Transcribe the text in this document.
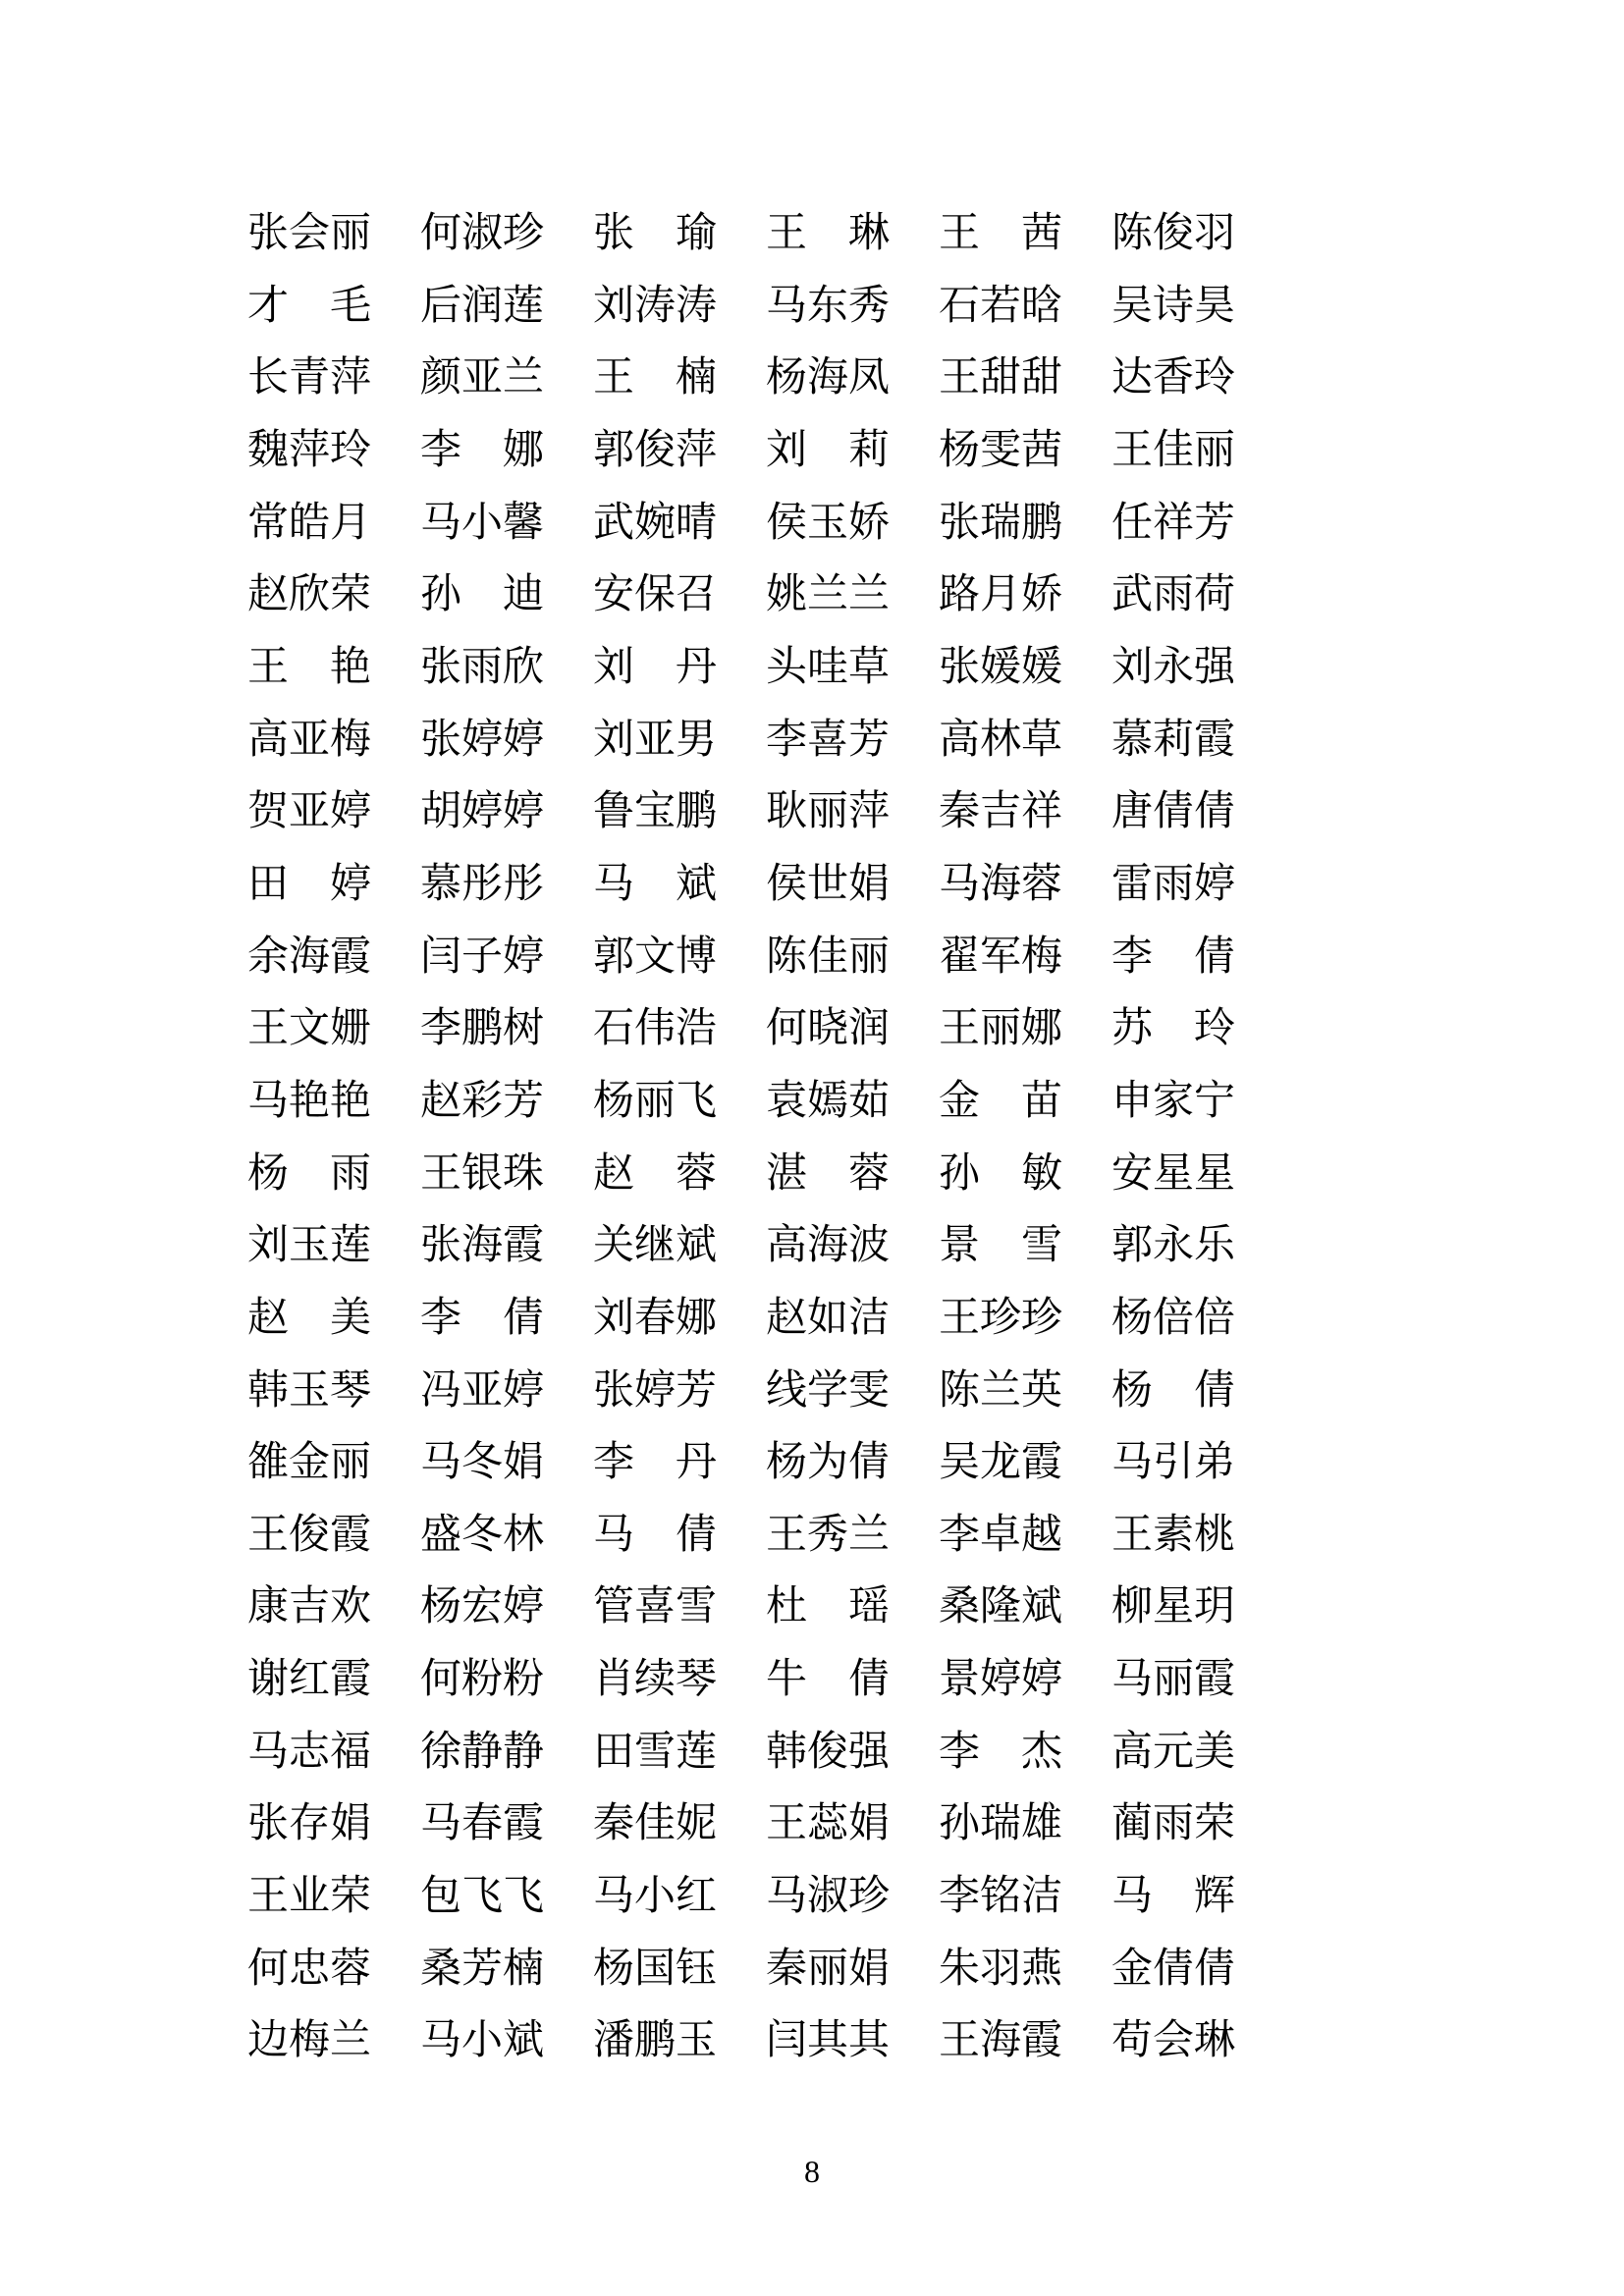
张会丽 何淑珍 张　瑜 王　琳 王　茜 陈俊羽
才　毛 后润莲 刘涛涛 马东秀 石若晗 吴诗昊
长青萍 颜亚兰 王　楠 杨海凤 王甜甜 达香玲
魏萍玲 李　娜 郭俊萍 刘　莉 杨雯茜 王佳丽
常皓月 马小馨 武婉晴 侯玉娇 张瑞鹏 任祥芳
赵欣荣 孙　迪 安保召 姚兰兰 路月娇 武雨荷
王　艳 张雨欣 刘　丹 头哇草 张媛媛 刘永强
高亚梅 张婷婷 刘亚男 李喜芳 高林草 慕莉霞
贺亚婷 胡婷婷 鲁宝鹏 耿丽萍 秦吉祥 唐倩倩
田　婷 慕彤彤 马　斌 侯世娟 马海蓉 雷雨婷
余海霞 闫子婷 郭文博 陈佳丽 翟军梅 李　倩
王文姗 李鹏树 石伟浩 何晓润 王丽娜 苏　玲
马艳艳 赵彩芳 杨丽飞 袁嫣茹 金　苗 申家宁
杨　雨 王银珠 赵　蓉 湛　蓉 孙　敏 安星星
刘玉莲 张海霞 关继斌 高海波 景　雪 郭永乐
赵　美 李　倩 刘春娜 赵如洁 王珍珍 杨倍倍
韩玉琴 冯亚婷 张婷芳 线学雯 陈兰英 杨　倩
雒金丽 马冬娟 李　丹 杨为倩 吴龙霞 马引弟
王俊霞 盛冬林 马　倩 王秀兰 李卓越 王素桃
康吉欢 杨宏婷 管喜雪 杜　瑶 桑隆斌 柳星玥
谢红霞 何粉粉 肖续琴 牛　倩 景婷婷 马丽霞
马志福 徐静静 田雪莲 韩俊强 李　杰 高元美
张存娟 马春霞 秦佳妮 王蕊娟 孙瑞雄 蔺雨荣
王业荣 包飞飞 马小红 马淑珍 李铭洁 马　辉
何忠蓉 桑芳楠 杨国钰 秦丽娟 朱羽燕 金倩倩
边梅兰 马小斌 潘鹏玉 闫其其 王海霞 苟会琳
8
